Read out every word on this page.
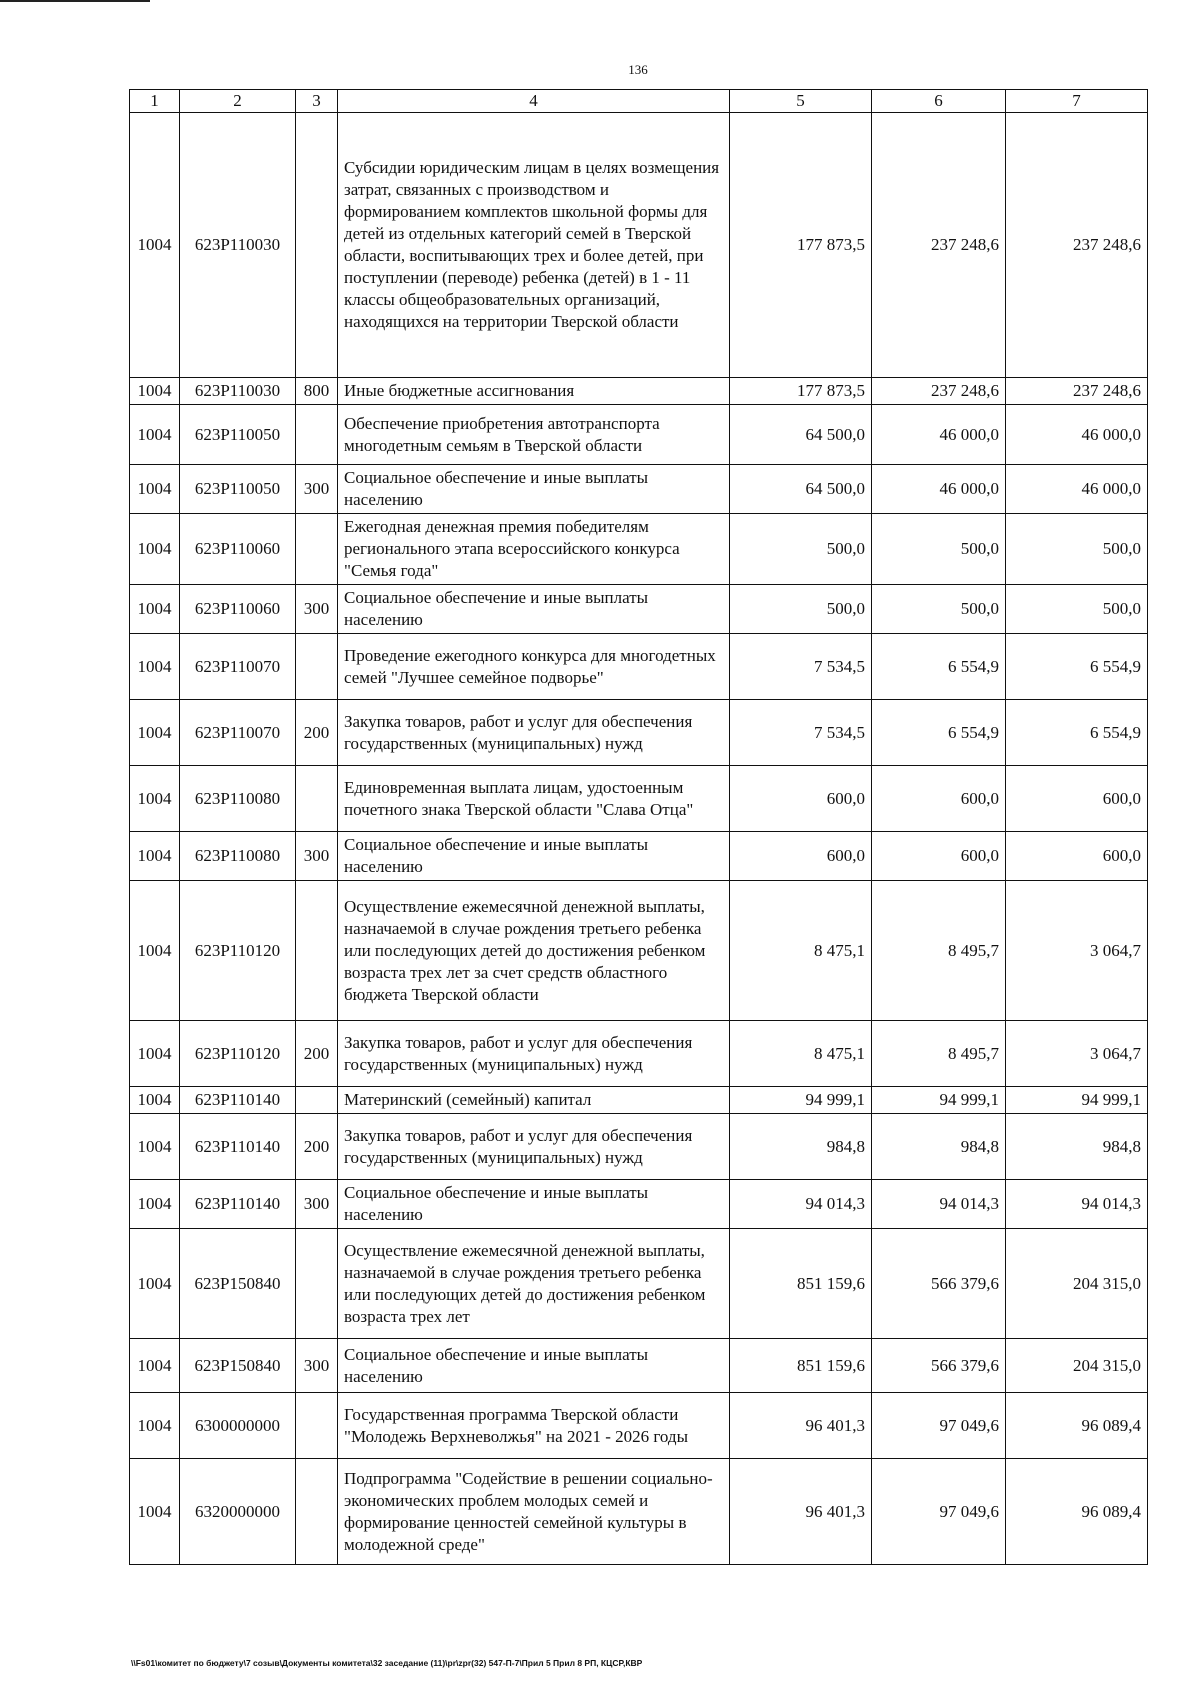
136
1	2	3	4	5	6	7
1004	623P110030		Субсидии юридическим лицам в целях возмещения затрат, связанных с производством и формированием комплектов школьной формы для детей из отдельных категорий семей в Тверской области, воспитывающих трех и более детей, при поступлении (переводе) ребенка (детей) в 1 - 11 классы общеобразовательных организаций, находящихся на территории Тверской области	177 873,5	237 248,6	237 248,6
1004	623P110030	800	Иные бюджетные ассигнования	177 873,5	237 248,6	237 248,6
1004	623P110050		Обеспечение приобретения автотранспорта многодетным семьям в Тверской области	64 500,0	46 000,0	46 000,0
1004	623P110050	300	Социальное обеспечение и иные выплаты населению	64 500,0	46 000,0	46 000,0
1004	623P110060		Ежегодная денежная премия победителям регионального этапа всероссийского конкурса "Семья года"	500,0	500,0	500,0
1004	623P110060	300	Социальное обеспечение и иные выплаты населению	500,0	500,0	500,0
1004	623P110070		Проведение ежегодного конкурса для многодетных семей "Лучшее семейное подворье"	7 534,5	6 554,9	6 554,9
1004	623P110070	200	Закупка товаров, работ и услуг для обеспечения государственных (муниципальных) нужд	7 534,5	6 554,9	6 554,9
1004	623P110080		Единовременная выплата лицам, удостоенным почетного знака Тверской области "Слава Отца"	600,0	600,0	600,0
1004	623P110080	300	Социальное обеспечение и иные выплаты населению	600,0	600,0	600,0
1004	623P110120		Осуществление ежемесячной денежной выплаты, назначаемой в случае рождения третьего ребенка или последующих детей до достижения ребенком возраста трех лет за счет средств областного бюджета Тверской области	8 475,1	8 495,7	3 064,7
1004	623P110120	200	Закупка товаров, работ и услуг для обеспечения государственных (муниципальных) нужд	8 475,1	8 495,7	3 064,7
1004	623P110140		Материнский (семейный) капитал	94 999,1	94 999,1	94 999,1
1004	623P110140	200	Закупка товаров, работ и услуг для обеспечения государственных (муниципальных) нужд	984,8	984,8	984,8
1004	623P110140	300	Социальное обеспечение и иные выплаты населению	94 014,3	94 014,3	94 014,3
1004	623P150840		Осуществление ежемесячной денежной выплаты, назначаемой в случае рождения третьего ребенка или последующих детей до достижения ребенком возраста трех лет	851 159,6	566 379,6	204 315,0
1004	623P150840	300	Социальное обеспечение и иные выплаты населению	851 159,6	566 379,6	204 315,0
1004	6300000000		Государственная программа Тверской области "Молодежь Верхневолжья" на 2021 - 2026 годы	96 401,3	97 049,6	96 089,4
1004	6320000000		Подпрограмма "Содействие в решении социально-экономических проблем молодых семей и формирование ценностей семейной культуры в молодежной среде"	96 401,3	97 049,6	96 089,4
\\Fs01\комитет по бюджету\7 созыв\Документы комитета\32 заседание (11)\pr\zpr(32) 547-П-7\Прил 5 Прил 8 РП, КЦСР,КВР
